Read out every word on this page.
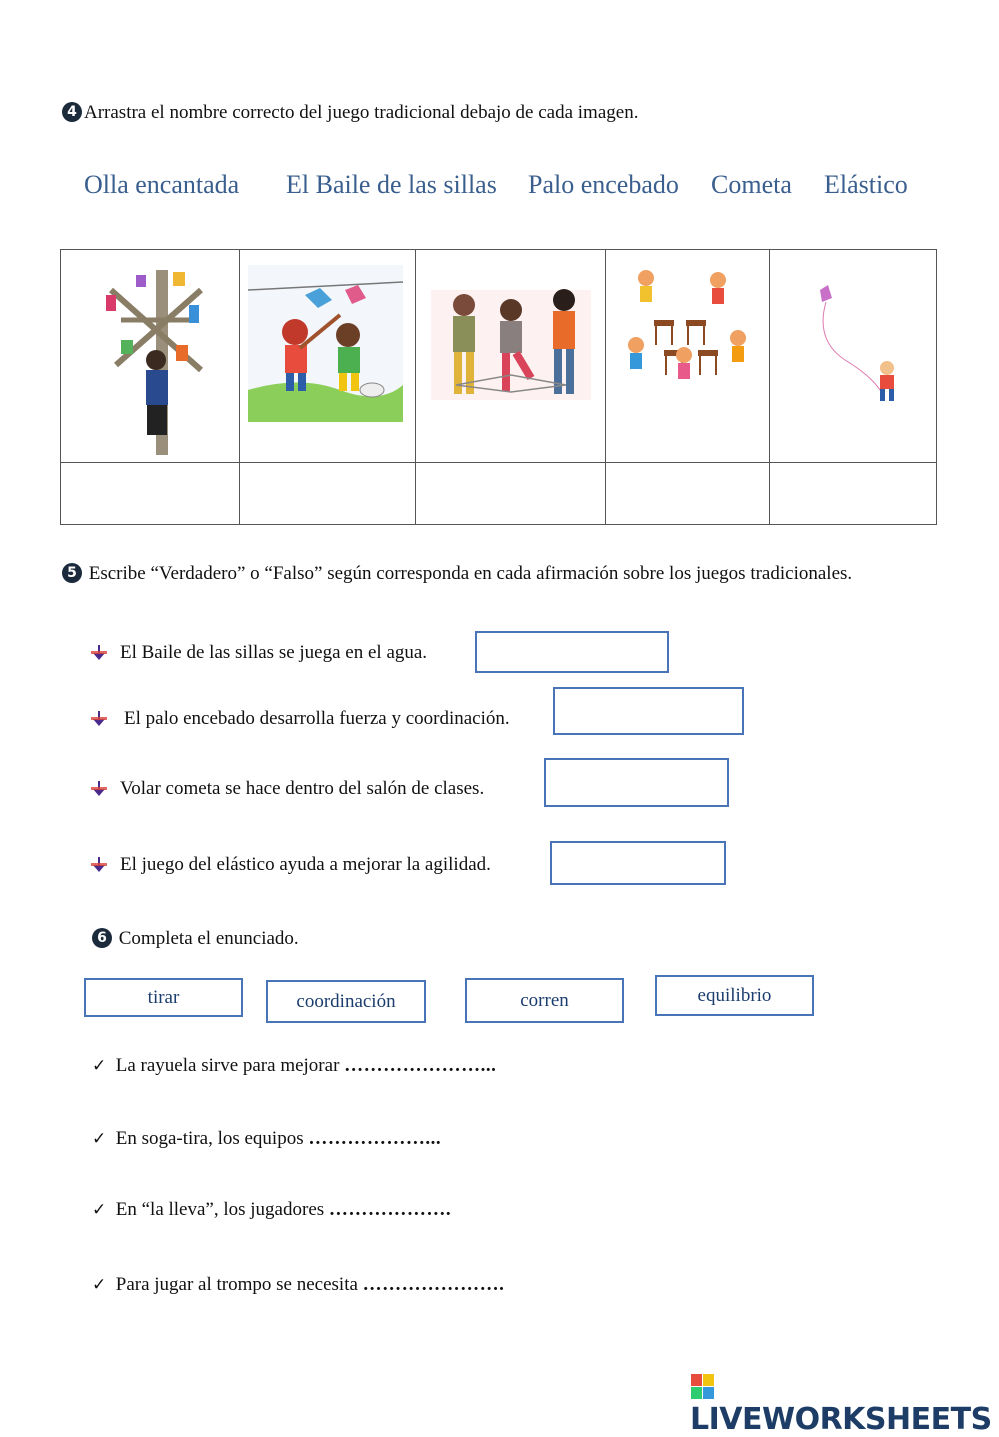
4 Arrastra el nombre correcto del juego tradicional debajo de cada imagen.
Olla encantada El Baile de las sillas Palo encebado Cometa Elástico

5 Escribe “Verdadero” o “Falso” según corresponda en cada afirmación sobre los juegos tradicionales.
El Baile de las sillas se juega en el agua.
El palo encebado desarrolla fuerza y coordinación.
Volar cometa se hace dentro del salón de clases.
El juego del elástico ayuda a mejorar la agilidad.
6 Completa el enunciado.
tirar	coordinación	corren	equilibrio
✓ La rayuela sirve para mejorar …………………...
✓ En soga-tira, los equipos ………………...
✓ En “la lleva”, los jugadores ……………….
✓ Para jugar al trompo se necesita ………………….
LIVEWORKSHEETS
